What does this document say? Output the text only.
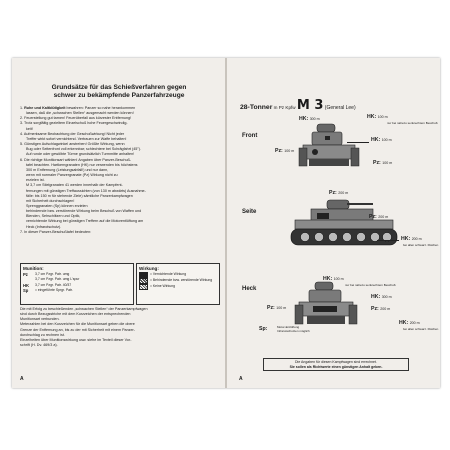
Grundsätze für das Schießverfahren gegen
schwer zu bekämpfende Panzerfahrzeuge
1. Ruhe und Kaltblütigkeit bewahren: Panzer so nahe herankommen
lassen, daß die „schwachen Stellen“ ausgemacht werden können!
2. Feuerstellung gut tarnen! Feuerüberfall aus kürzester Entfernung!
3. Trotz sorgfältig gezieltem Einzelschuß hohe Feuergeschwindig-
keit!
4. Aufmerksame Beobachtung der Geschoßwirkung! Nicht jeder
Treffer wirkt sofort vernichtend. Vertrauen zur Waffe behalten!
5. Günstigen Aufschlagwinkel anstreben! Größte Wirkung, wenn
Bug oder Seitenfront voll erkennbar; schlechtere bei Schrägfahrt (45°).
Auf runde oder gewölbte Türme grundsätzlich Turmmitte anhalten!
6. Die richtige Munitionsart wählen! Angaben über Panzer-Beschuß-
tafel beachten. Hartkerngranaten (HK) nur verwenden bis höchstens
300 m Entfernung (Leistungsabfall!) und nur dann,
wenn mit normaler Panzergranate (Pz) Wirkung nicht zu
erzielen ist.
M 3,7 cm Stielgranaten 41 werden innerhalb der Kampfent-
fernungen mit günstigen Treffaussichten (von 130 m abwärts) Ausnahme-
fälle: bis 150 m für stehende Ziele) sämtliche Panzerkampfwagen
mit Sicherheit durchschlagen!
Sprenggranaten (Sp) können erzielen
behindernde bzw. zerstörende Wirkung beim Beschuß von Waffen und
Blenden, Sehschlitzen und Optik,
vernichtende Wirkung bei günstigen Treffern auf die Motorentlüftung am
Heck (Infrarotschutz).
7. In dieser Panzer-Beschußtafel bedeuten:
Munition:
Pz	3,7 cm Pzgr. Patr. umg
3,7 cm Pzgr. Patr. umg L'spur
HK	3,7 cm Pzgr. Patr. 40/37
Sp	= eingeführte Sprgr. Patr.
Wirkung:
= Vernichtende Wirkung
= Behindernde bzw. zerstörende Wirkung
= Keine Wirkung
Die mit Erfolg zu beschießenden „schwachen Stellen“ der Panzerkampfwagen
sind durch Bezugsstriche mit dem Kurzzeichen der entsprechenden
Munitionsart verbunden.
Meterzahlen bei den Kurzzeichen für die Munitionsart geben die obere
Grenze der Entfernung an, bis zu der mit Sicherheit mit einem Panzer-
durchschlag zu rechnen ist.
Einzelheiten über Munitionswirkung usw. siehe im Texteil dieser Vor-
schrift (H. Dv. 469/3 a).
A
28-Tonner m Pz Kpfw M 3 (General Lee)
Front
HK: 300 m	HK: 100 m
nur bei nahezu senkrechtem Beschuß
HK: 100 m
Pz: 100 m
Pz: 100 m
Seite
Pz: 200 m
Pz: 200 m
HK: 200 m
bei allen schwarz. Flächen
Heck
HK: 100 m
nur bei nahezu senkrechtem Beschuß
HK: 300 m
Pz: 100 m	Pz: 200 m
HK: 200 m
bei allen schwarz. Flächen
Sp:	Motor-Entlüftung Infrarotschutzen möglich
Die Angaben für diesen Kampfwagen sind errechnet.
Sie sollen als Richtwerte einen günstigen Anhalt geben.
A
